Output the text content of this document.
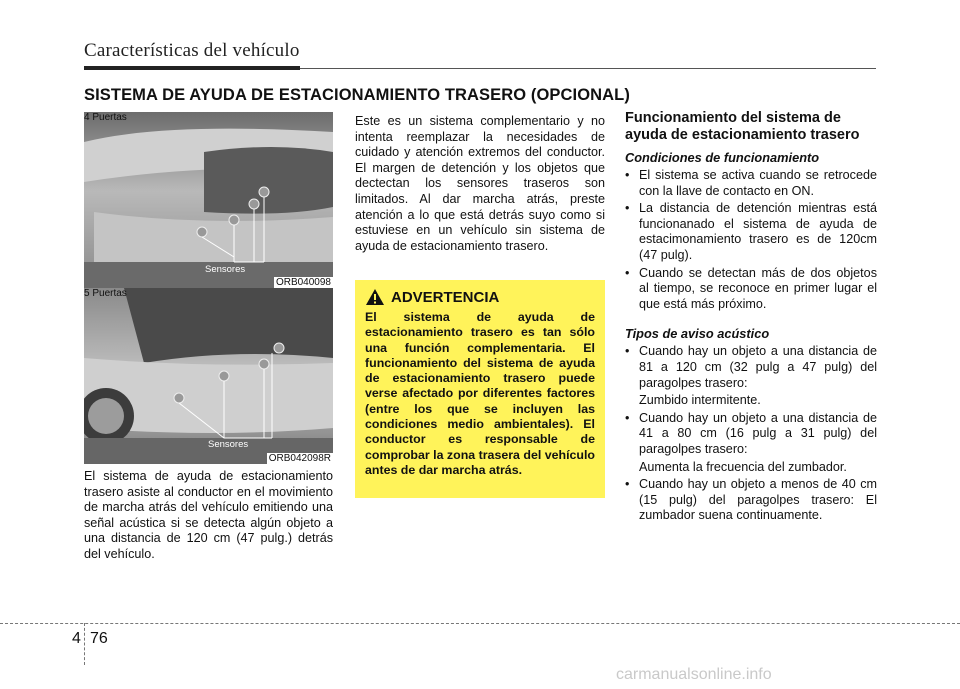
Características del vehículo
SISTEMA DE AYUDA DE ESTACIONAMIENTO TRASERO (OPCIONAL)
4 Puertas
Sensores
ORB040098
5 Puertas
Sensores
ORB042098R
El sistema de ayuda de estacionamiento trasero asiste al conductor en el movimiento de marcha atrás del vehículo emitiendo una señal acústica si se detecta algún objeto a una distancia de 120 cm (47 pulg.) detrás del vehículo.
Este es un sistema complementario y no intenta reemplazar la necesidades de cuidado y atención extremos del conductor. El margen de detención y los objetos que dectectan los sensores traseros son limitados. Al dar marcha atrás, preste atención a lo que está detrás suyo como si estuviese en un vehículo sin sistema de ayuda de estacionamiento trasero.
ADVERTENCIA
El sistema de ayuda de estacionamiento trasero es tan sólo una función complementaria. El funcionamiento del sistema de ayuda de estacionamiento trasero puede verse afectado por diferentes factores (entre los que se incluyen las condiciones medio ambientales). El conductor es responsable de comprobar la zona trasera del vehículo antes de dar marcha atrás.
Funcionamiento del sistema de
ayuda de estacionamiento trasero
Condiciones de funcionamiento
• El sistema se activa cuando se retrocede con la llave de contacto en ON.
• La distancia de detención mientras está funcionanado el sistema de ayuda de estacimonamiento trasero es de 120cm (47 pulg).
• Cuando se detectan más de dos objetos al tiempo, se reconoce en primer lugar el que está más próximo.
Tipos de aviso acústico
• Cuando hay un objeto a una distancia de 81 a 120 cm (32 pulg a 47 pulg) del paragolpes trasero:
Zumbido intermitente.
• Cuando hay un objeto a una distancia de 41 a 80 cm (16 pulg a 31 pulg) del paragolpes trasero:
Aumenta la frecuencia del zumbador.
• Cuando hay un objeto a menos de 40 cm (15 pulg) del paragolpes trasero: El zumbador suena continuamente.
4 76
carmanualsonline.info
